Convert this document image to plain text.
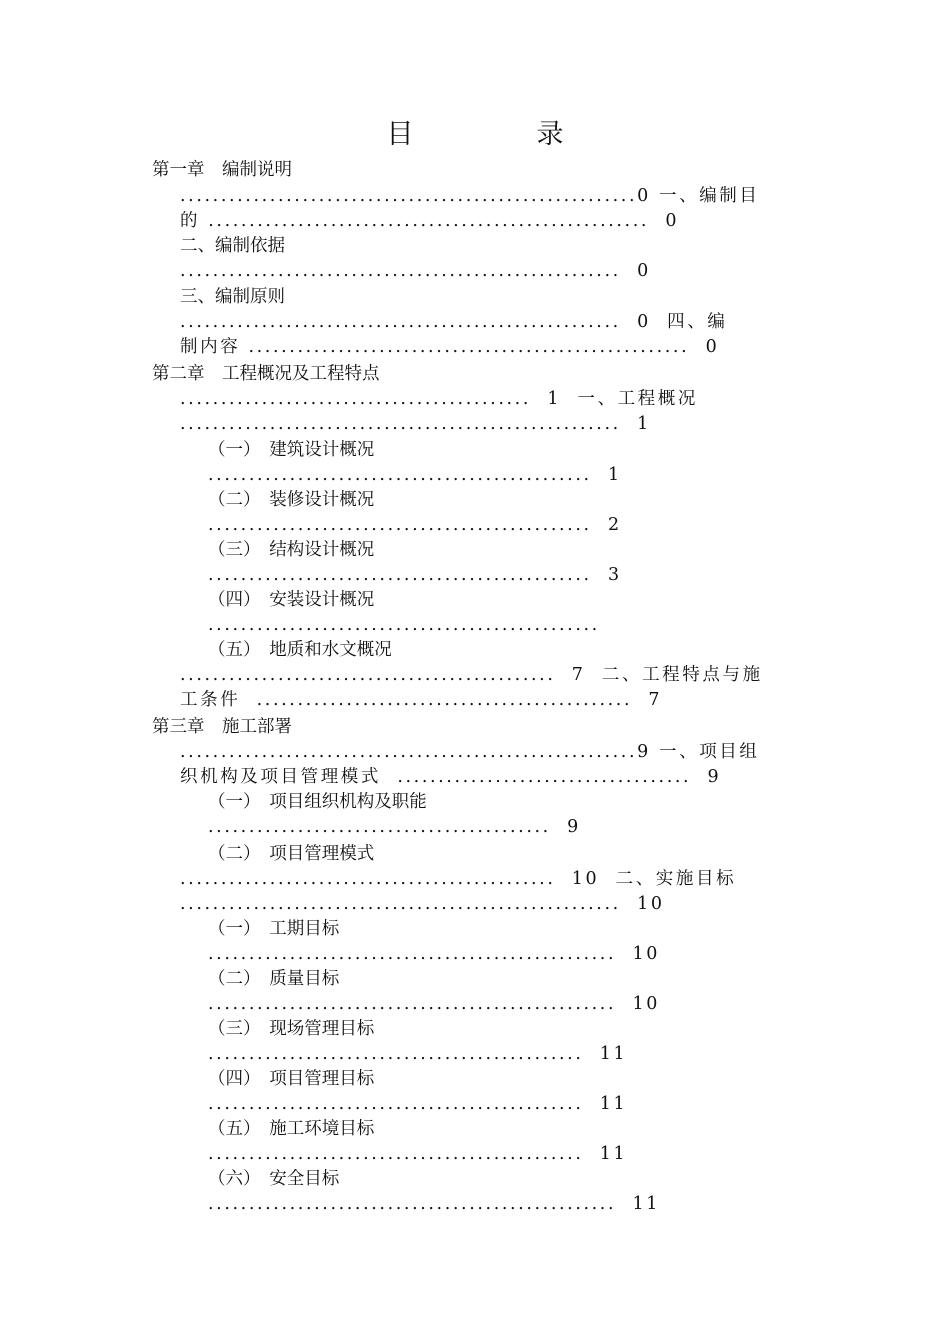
目　录
第一章　编制说明
........................................................0 一、编制目
的 ......................................................  0
二、编制依据
......................................................  0
三、编制原则
......................................................  0  四、编
制内容 ......................................................  0
第二章　工程概况及工程特点
...........................................  1  一、工程概况
......................................................  1
（一）　建筑设计概况
...............................................  1
（二）　装修设计概况
...............................................  2
（三）　结构设计概况
...............................................  3
（四）　安装设计概况
................................................
（五）　地质和水文概况
..............................................  7  二、工程特点与施
工条件  ..............................................  7
第三章　施工部署
........................................................9 一、项目组
织机构及项目管理模式  ....................................  9
（一）　项目组织机构及职能
..........................................  9
（二）　项目管理模式
..............................................  10  二、实施目标
......................................................  10
（一）　工期目标
..................................................  10
（二）　质量目标
..................................................  10
（三）　现场管理目标
..............................................  11
（四）　项目管理目标
..............................................  11
（五）　施工环境目标
..............................................  11
（六）　安全目标
..................................................  11
